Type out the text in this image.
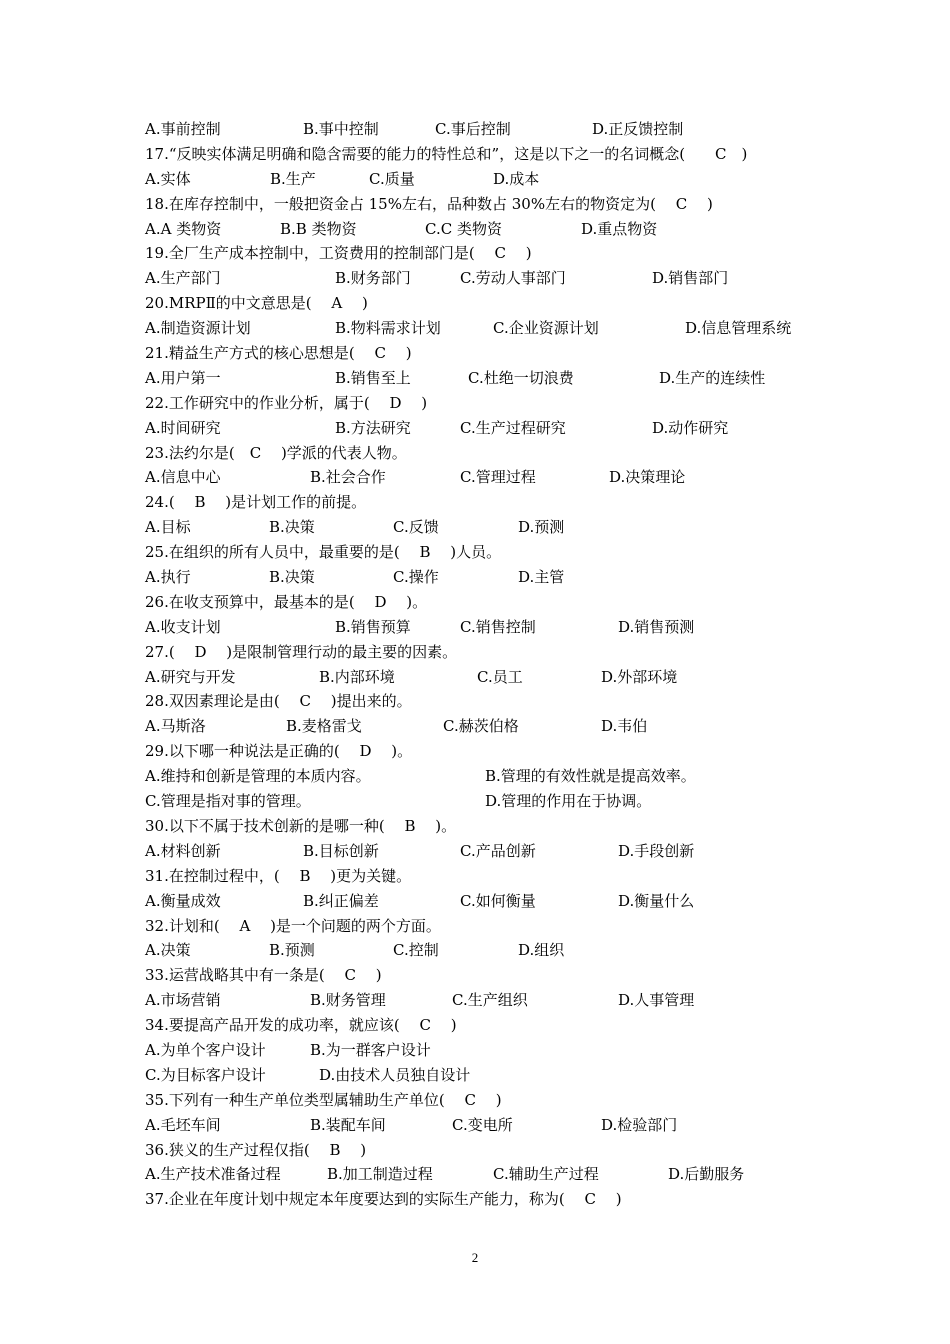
A.事前控制	B.事中控制	C.事后控制	D.正反馈控制
17.“反映实体满足明确和隐含需要的能力的特性总和”，这是以下之一的名词概念(　　C　)
A.实体	B.生产	C.质量	D.成本
18.在库存控制中，一般把资金占 15%左右，品种数占 30%左右的物资定为(　 C　 )
A.A 类物资	B.B 类物资	C.C 类物资	D.重点物资
19.全厂生产成本控制中，工资费用的控制部门是(　 C　 )
A.生产部门	B.财务部门	C.劳动人事部门	D.销售部门
20.MRPⅡ的中文意思是(　 A　 )
A.制造资源计划	B.物料需求计划	C.企业资源计划	D.信息管理系统
21.精益生产方式的核心思想是(　 C　 )
A.用户第一	B.销售至上	C.杜绝一切浪费	D.生产的连续性
22.工作研究中的作业分析，属于(　 D　 )
A.时间研究	B.方法研究	C.生产过程研究	D.动作研究
23.法约尔是(　C　 )学派的代表人物。
A.信息中心	B.社会合作	C.管理过程	D.决策理论
24.(　 B　 )是计划工作的前提。
A.目标	B.决策	C.反馈	D.预测
25.在组织的所有人员中，最重要的是(　 B　 )人员。
A.执行	B.决策	C.操作	D.主管
26.在收支预算中，最基本的是(　 D　 )。
A.收支计划	B.销售预算	C.销售控制	D.销售预测
27.(　 D　 )是限制管理行动的最主要的因素。
A.研究与开发	B.内部环境	C.员工	D.外部环境
28.双因素理论是由(　 C　 )提出来的。
A.马斯洛	B.麦格雷戈	C.赫茨伯格	D.韦伯
29.以下哪一种说法是正确的(　 D　 )。
A.维持和创新是管理的本质内容。	B.管理的有效性就是提高效率。
C.管理是指对事的管理。	D.管理的作用在于协调。
30.以下不属于技术创新的是哪一种(　 B　 )。
A.材料创新	B.目标创新	C.产品创新	D.手段创新
31.在控制过程中，(　 B　 )更为关键。
A.衡量成效	B.纠正偏差	C.如何衡量	D.衡量什么
32.计划和(　 A　 )是一个问题的两个方面。
A.决策	B.预测	C.控制	D.组织
33.运营战略其中有一条是(　 C　 )
A.市场营销	B.财务管理	C.生产组织	D.人事管理
34.要提高产品开发的成功率，就应该(　 C　 )
A.为单个客户设计	B.为一群客户设计
C.为目标客户设计	D.由技术人员独自设计
35.下列有一种生产单位类型属辅助生产单位(　 C　 )
A.毛坯车间	B.装配车间	C.变电所	D.检验部门
36.狭义的生产过程仅指(　 B　 )
A.生产技术准备过程	B.加工制造过程	C.辅助生产过程	D.后勤服务
37.企业在年度计划中规定本年度要达到的实际生产能力，称为(　 C　 )
2
